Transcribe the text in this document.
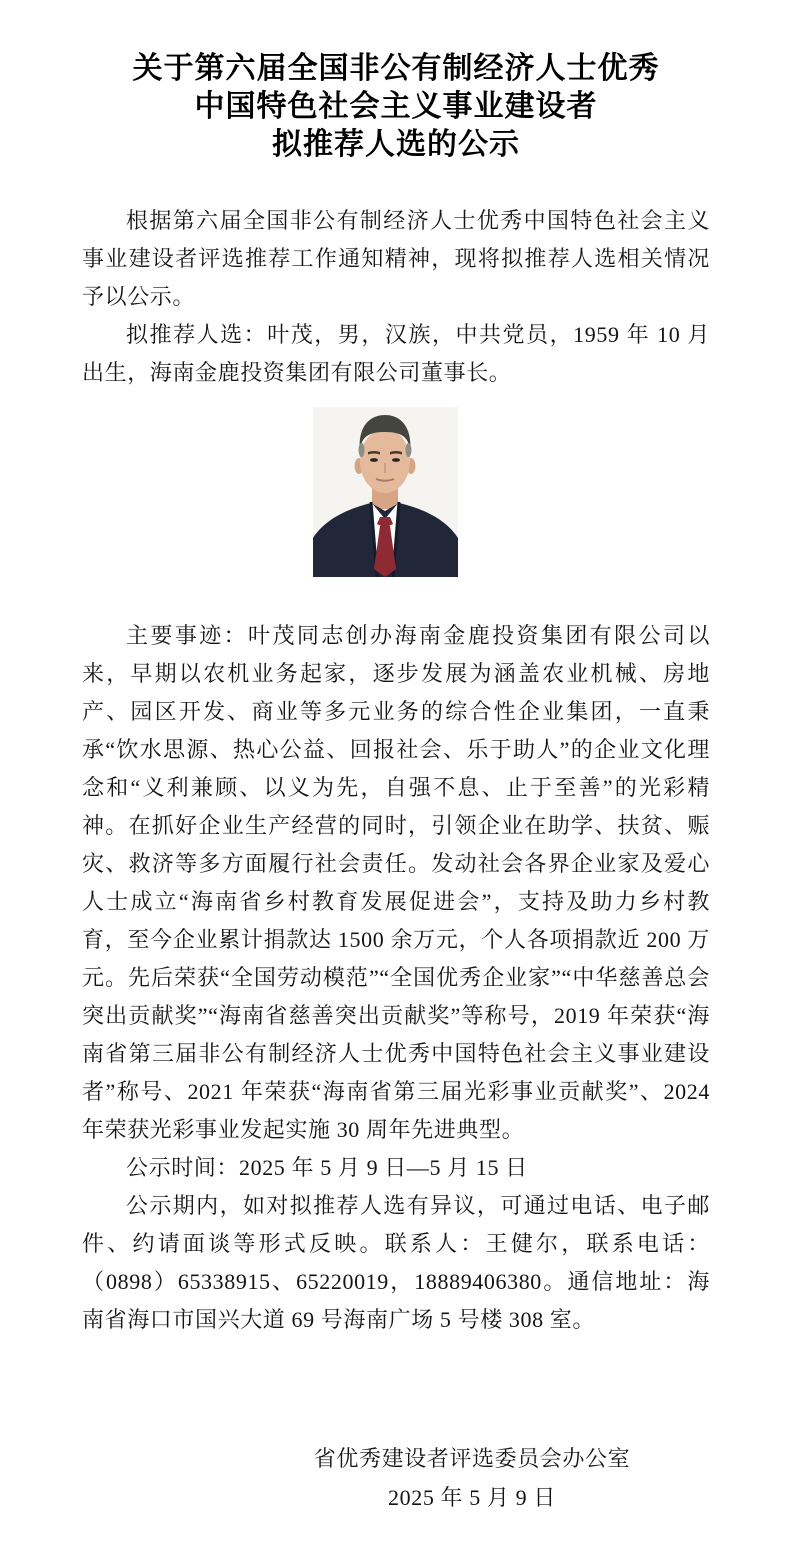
关于第六届全国非公有制经济人士优秀
中国特色社会主义事业建设者
拟推荐人选的公示

根据第六届全国非公有制经济人士优秀中国特色社会主义事业建设者评选推荐工作通知精神，现将拟推荐人选相关情况予以公示。

拟推荐人选：叶茂，男，汉族，中共党员，1959 年 10 月出生，海南金鹿投资集团有限公司董事长。

主要事迹：叶茂同志创办海南金鹿投资集团有限公司以来，早期以农机业务起家，逐步发展为涵盖农业机械、房地产、园区开发、商业等多元业务的综合性企业集团，一直秉承“饮水思源、热心公益、回报社会、乐于助人”的企业文化理念和“义利兼顾、以义为先，自强不息、止于至善”的光彩精神。在抓好企业生产经营的同时，引领企业在助学、扶贫、赈灾、救济等多方面履行社会责任。发动社会各界企业家及爱心人士成立“海南省乡村教育发展促进会”，支持及助力乡村教育，至今企业累计捐款达 1500 余万元，个人各项捐款近 200 万元。先后荣获“全国劳动模范”“全国优秀企业家”“中华慈善总会突出贡献奖”“海南省慈善突出贡献奖”等称号，2019 年荣获“海南省第三届非公有制经济人士优秀中国特色社会主义事业建设者”称号、2021 年荣获“海南省第三届光彩事业贡献奖”、2024 年荣获光彩事业发起实施 30 周年先进典型。

公示时间：2025 年 5 月 9 日—5 月 15 日

公示期内，如对拟推荐人选有异议，可通过电话、电子邮件、约请面谈等形式反映。联系人：王健尔，联系电话：（0898）65338915、65220019，18889406380。通信地址：海南省海口市国兴大道 69 号海南广场 5 号楼 308 室。

省优秀建设者评选委员会办公室
2025 年 5 月 9 日
